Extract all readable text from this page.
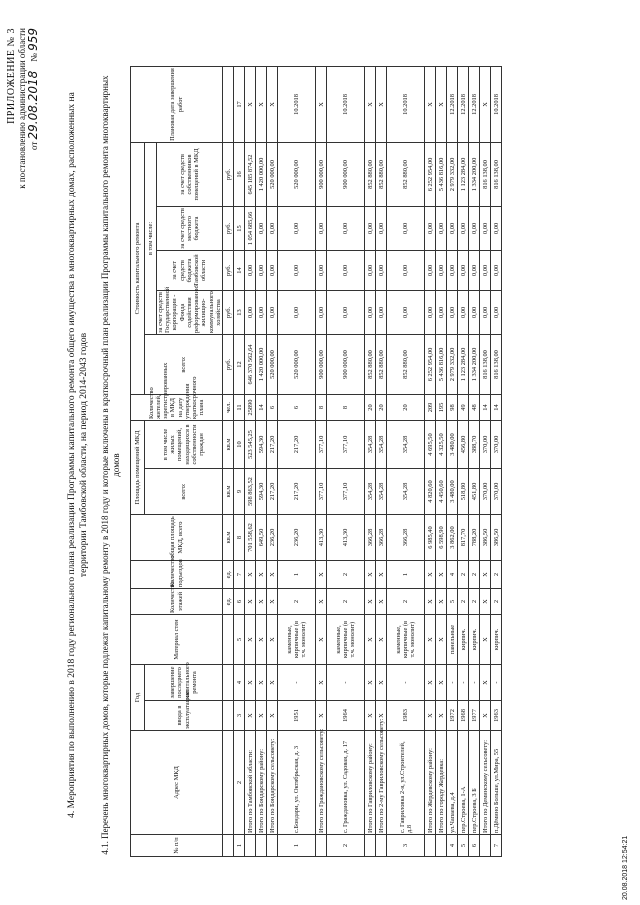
ПРИЛОЖЕНИЕ № 3 к постановлению администрации области от 29.08.2018    № 959
4. Мероприятия по выполнению в 2018 году регионального плана реализации Программы капитального ремонта общего имущества в многоквартирных домах, расположенных на территории Тамбовской области, на период 2014-2043 годов 4.1. Перечень многоквартирных домов, которые подлежат капитальному ремонту в 2018 году и которые включены в краткосрочный план реализации Программы капитального ремонта многоквартирных домов
№ п/п	Адрес МКД	Год		Материал стен	Количество этажей	Количество подъездов	общая площадь МКД, всего	Площадь помещений МКД		Количество жителей, зарегистрированных в МКД на дату утверждения краткосрочного плана	Стоимость капитального ремонта					Плановая дата завершения работ
		ввода в эксплуатацию	завершение последнего капитального ремонта					всего:	в том числе жилых помещений, находящихся в собственности граждан		всего:	в том числе:				
												за счет средств Государственной корпорации - Фонда содействия реформированию жилищно-коммунального хозяйства	за счет средств бюджета Тамбовской области	за счет средств местного бюджета	за счет средств собственников помещений в МКД	
					ед.	ед.	кв.м	кв.м	кв.м	чел.	руб.	руб.	руб.	руб.	руб.	
1	2	3	4	5	6	7	8	9	10	11	12	13	14	15	16	17
	Итого по Тамбовской области:	X	X	X	X	X	701 558,62	598 863,52	523 545,25	25890	646 370 562,64	0,00	0,00	1 054 685,66	645 185 874,52	X
	Итого по Бондарскому району:	X	X	X	X	X	649,50	594,30	594,30	14	1 420 000,00	0,00	0,00	0,00	1 420 000,00	X
	Итого по Бондарскому сельсовету:	X	X	X	X	X	236,20	217,20	217,20	6	520 000,00	0,00	0,00	0,00	520 000,00	X
1	с.Бондари, ул. Октябрьская, д. 3	1951	-	каменные, кирпичные (в т.ч. монолит)	2	1	236,20	217,20	217,20	6	520 000,00	0,00	0,00	0,00	520 000,00	10.2018
	Итого по Граждановскому сельсовету:	X	X	X	X	X	413,30	377,10	377,10	8	900 000,00	0,00	0,00	0,00	900 000,00	X
2	с. Граждановка, ул. Садовая, д. 17	1964	-	каменные, кирпичные (в т.ч. монолит)	2	2	413,30	377,10	377,10	8	900 000,00	0,00	0,00	0,00	900 000,00	10.2018
	Итого по Гавриловскому району:	X	X	X	X	X	366,28	354,28	354,28	20	852 880,00	0,00	0,00	0,00	852 880,00	X
	Итого по 2-му Гавриловскому сельсовету:	X	X	X	X	X	366,28	354,28	354,28	20	852 880,00	0,00	0,00	0,00	852 880,00	X
3	с. Гавриловка 2-я, ул.Строителей, д.8	1983	-	каменные, кирпичные (в т.ч. монолит)	2	1	366,28	354,28	354,28	20	852 880,00	0,00	0,00	0,00	852 880,00	10.2018
	Итого по Жердевскому району:	X	X	X	X	X	6 985,40	4 820,60	4 695,50	209	6 252 954,00	0,00	0,00	0,00	6 252 954,00	X
	Итого по городу Жердевка:	X	X	X	X	X	6 598,90	4 450,60	4 325,50	195	5 436 816,00	0,00	0,00	0,00	5 436 816,00	X
4	ул.Чапаева, д.4	1972	-	панельные	5	4	3 862,00	3 480,00	3 480,00	98	2 979 332,00	0,00	0,00	0,00	2 979 332,00	12.2018
5	пер.Строева, 1-А	1968	-	кирпич.	2	2	817,70	518,80	456,80	49	1 123 284,00	0,00	0,00	0,00	1 123 284,00	12.2018
6	пер.Строева, 3 Б	1977	-	кирпич.	2	2	788,20	451,80	388,70	48	1 334 200,00	0,00	0,00	0,00	1 334 200,00	12.2018
	Итого по Деминскому сельсовету:	X	X	X	X	X	386,50	370,00	370,00	14	816 138,00	0,00	0,00	0,00	816 138,00	X
7	п.Дёмино Больше, ул.Мира, 55	1963	-	кирпич.	2	2	386,50	370,00	370,00	14	816 138,00	0,00	0,00	0,00	816 138,00	10.2018
20.08.2018 12:54:21
